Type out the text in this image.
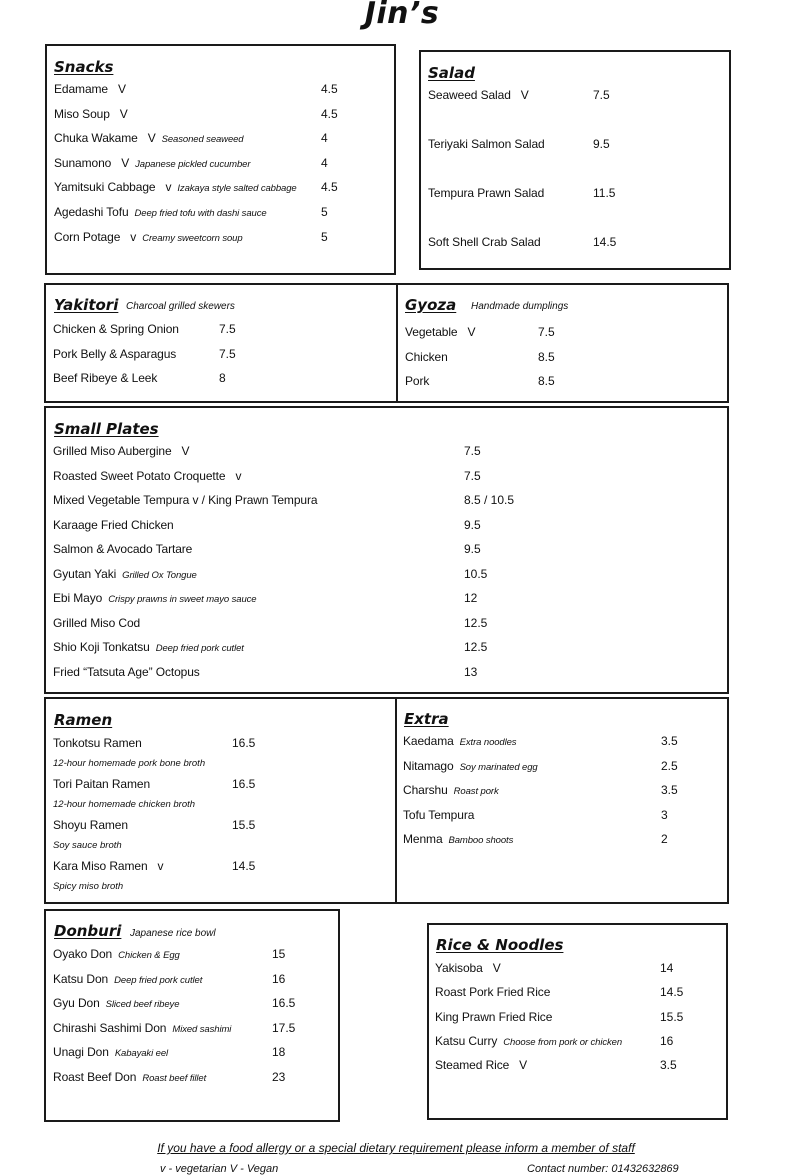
Jin’s
Snacks
Edamame V	4.5
Miso Soup V	4.5
Chuka Wakame V Seasoned seaweed	4
Sunamono V Japanese pickled cucumber	4
Yamitsuki Cabbage v Izakaya style salted cabbage 4.5
Agedashi Tofu Deep fried tofu with dashi sauce	5
Corn Potage v Creamy sweetcorn soup	5
Salad
Seaweed Salad V	7.5
Teriyaki Salmon Salad	9.5
Tempura Prawn Salad	11.5
Soft Shell Crab Salad	14.5
Yakitori Charcoal grilled skewers	Gyoza Handmade dumplings
Chicken & Spring Onion	7.5
Pork Belly & Asparagus	7.5
Beef Ribeye & Leek	8
Vegetable V	7.5
Chicken	8.5
Pork	8.5
Small Plates
Grilled Miso Aubergine V	7.5
Roasted Sweet Potato Croquette v	7.5
Mixed Vegetable Tempura v / King Prawn Tempura	8.5 / 10.5
Karaage Fried Chicken	9.5
Salmon & Avocado Tartare	9.5
Gyutan Yaki Grilled Ox Tongue	10.5
Ebi Mayo Crispy prawns in sweet mayo sauce	12
Grilled Miso Cod	12.5
Shio Koji Tonkatsu Deep fried pork cutlet	12.5
Fried “Tatsuta Age” Octopus	13
Ramen	Extra
Tonkotsu Ramen	16.5
12-hour homemade pork bone broth
Tori Paitan Ramen	16.5
12-hour homemade chicken broth
Shoyu Ramen	15.5
Soy sauce broth
Kara Miso Ramen v	14.5
Spicy miso broth
Kaedama Extra noodles	3.5
Nitamago Soy marinated egg	2.5
Charshu Roast pork	3.5
Tofu Tempura	3
Menma Bamboo shoots	2
Donburi Japanese rice bowl
Oyako Don Chicken & Egg	15
Katsu Don Deep fried pork cutlet	16
Gyu Don Sliced beef ribeye	16.5
Chirashi Sashimi Don Mixed sashimi	17.5
Unagi Don Kabayaki eel	18
Roast Beef Don Roast beef fillet	23
Rice & Noodles
Yakisoba V	14
Roast Pork Fried Rice	14.5
King Prawn Fried Rice	15.5
Katsu Curry Choose from pork or chicken	16
Steamed Rice V	3.5
If you have a food allergy or a special dietary requirement please inform a member of staff
v - vegetarian V - Vegan	Contact number: 01432632869
